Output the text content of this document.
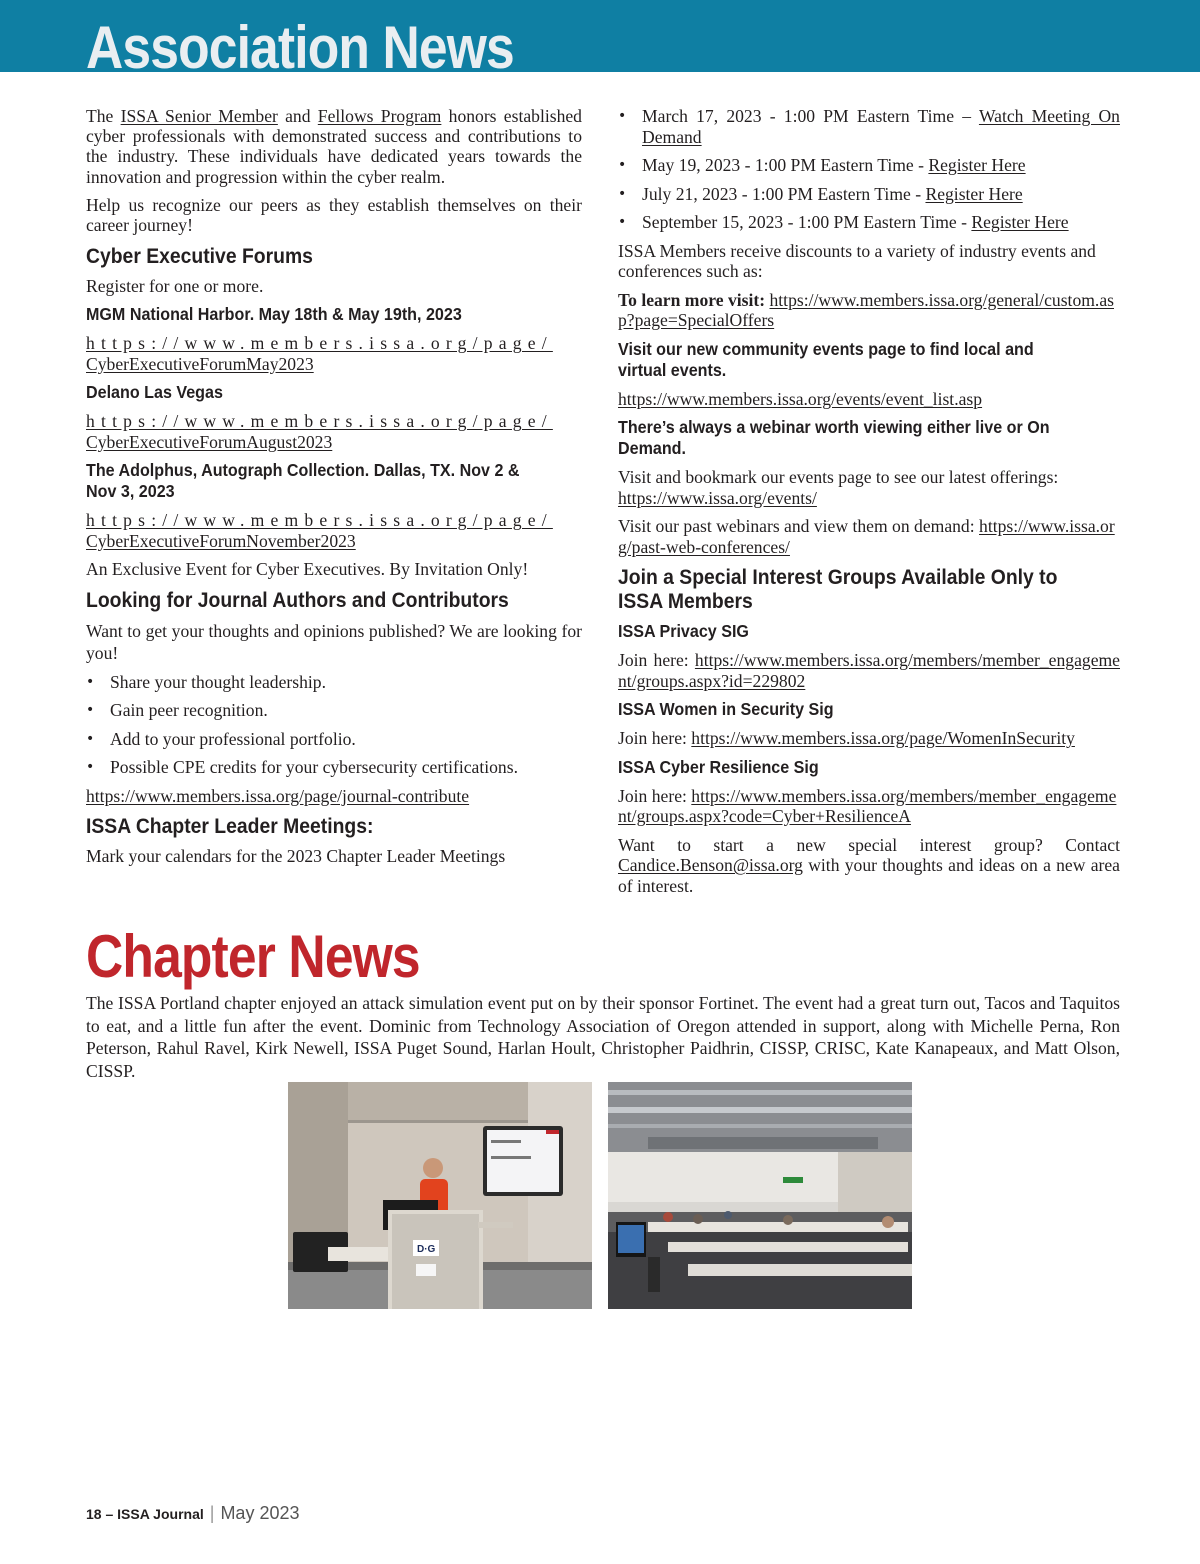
Association News

The ISSA Senior Member and Fellows Program honors established cyber professionals with demonstrated success and contributions to the industry. These individuals have dedicated years towards the innovation and progression within the cyber realm.

Help us recognize our peers as they establish themselves on their career journey!

Cyber Executive Forums

Register for one or more.

MGM National Harbor. May 18th & May 19th, 2023

https://www.members.issa.org/page/
CyberExecutiveForumMay2023

Delano Las Vegas

https://www.members.issa.org/page/
CyberExecutiveForumAugust2023

The Adolphus, Autograph Collection. Dallas, TX. Nov 2 & Nov 3, 2023

https://www.members.issa.org/page/
CyberExecutiveForumNovember2023

An Exclusive Event for Cyber Executives. By Invitation Only!

Looking for Journal Authors and Contributors

Want to get your thoughts and opinions published? We are looking for you!

• Share your thought leadership.
• Gain peer recognition.
• Add to your professional portfolio.
• Possible CPE credits for your cybersecurity certifications.

https://www.members.issa.org/page/journal-contribute

ISSA Chapter Leader Meetings:

Mark your calendars for the 2023 Chapter Leader Meetings

• March 17, 2023 - 1:00 PM Eastern Time – Watch Meeting On Demand
• May 19, 2023 - 1:00 PM Eastern Time - Register Here
• July 21, 2023 - 1:00 PM Eastern Time - Register Here
• September 15, 2023 - 1:00 PM Eastern Time - Register Here

ISSA Members receive discounts to a variety of industry events and conferences such as:

To learn more visit: https://www.members.issa.org/general/custom.asp?page=SpecialOffers

Visit our new community events page to find local and virtual events.

https://www.members.issa.org/events/event_list.asp

There’s always a webinar worth viewing either live or On Demand.

Visit and bookmark our events page to see our latest offerings: https://www.issa.org/events/

Visit our past webinars and view them on demand: https://www.issa.org/past-web-conferences/

Join a Special Interest Groups Available Only to ISSA Members
ISSA Privacy SIG

Join here: https://www.members.issa.org/members/member_engagement/groups.aspx?id=229802

ISSA Women in Security Sig

Join here: https://www.members.issa.org/page/WomenInSecurity

ISSA Cyber Resilience Sig

Join here: https://www.members.issa.org/members/member_engagement/groups.aspx?code=Cyber+ResilienceA

Want to start a new special interest group? Contact Candice.Benson@issa.org with your thoughts and ideas on a new area of interest.

Chapter News

The ISSA Portland chapter enjoyed an attack simulation event put on by their sponsor Fortinet. The event had a great turn out, Tacos and Taquitos to eat, and a little fun after the event. Dominic from Technology Association of Oregon attended in support, along with Michelle Perna, Ron Peterson, Rahul Ravel, Kirk Newell, ISSA Puget Sound, Harlan Hoult, Christopher Paidhrin, CISSP, CRISC, Kate Kanapeaux, and Matt Olson, CISSP.

D·G
18 – ISSA Journal | May 2023
